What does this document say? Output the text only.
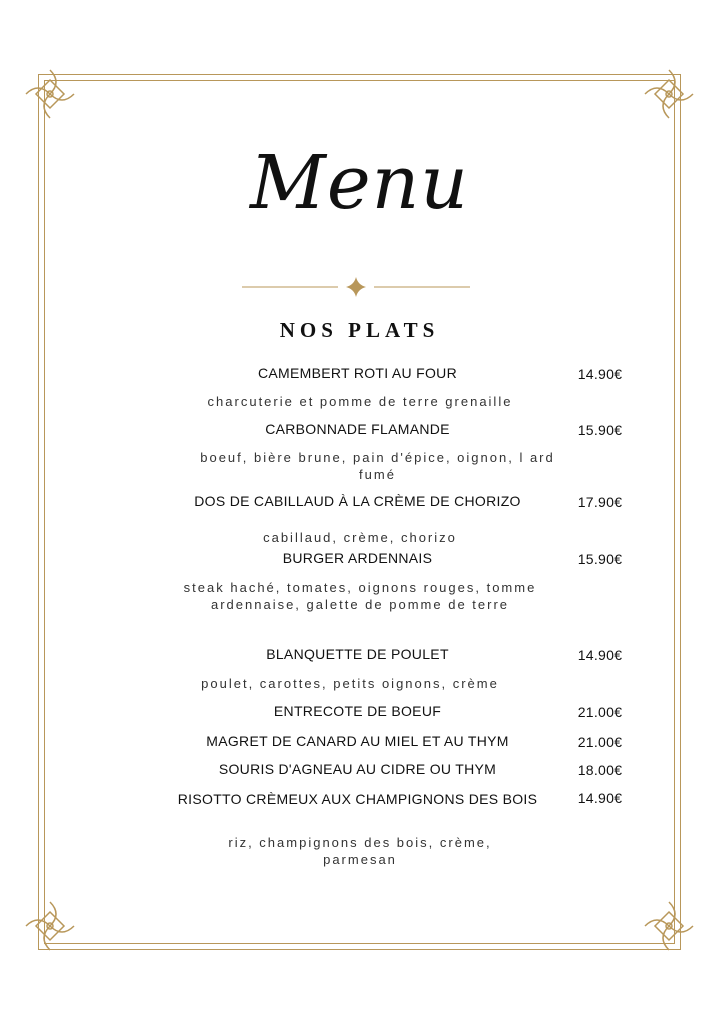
Menu
NOS PLATS
CAMEMBERT ROTI AU FOUR	14.90€
charcuterie et pomme de terre grenaille
CARBONNADE FLAMANDE	15.90€
boeuf, bière brune, pain d'épice, oignon, l ard fumé
DOS DE CABILLAUD À LA CRÈME DE CHORIZO	17.90€
cabillaud, crème, chorizo
BURGER ARDENNAIS	15.90€
steak haché, tomates, oignons rouges, tomme ardennaise, galette de pomme de terre
BLANQUETTE DE POULET	14.90€
poulet, carottes, petits oignons, crème
ENTRECOTE DE BOEUF	21.00€
MAGRET DE CANARD AU MIEL ET AU THYM	21.00€
SOURIS D'AGNEAU AU CIDRE OU THYM	18.00€
RISOTTO CRÈMEUX AUX CHAMPIGNONS DES BOIS	14.90€
riz, champignons des bois, crème, parmesan
